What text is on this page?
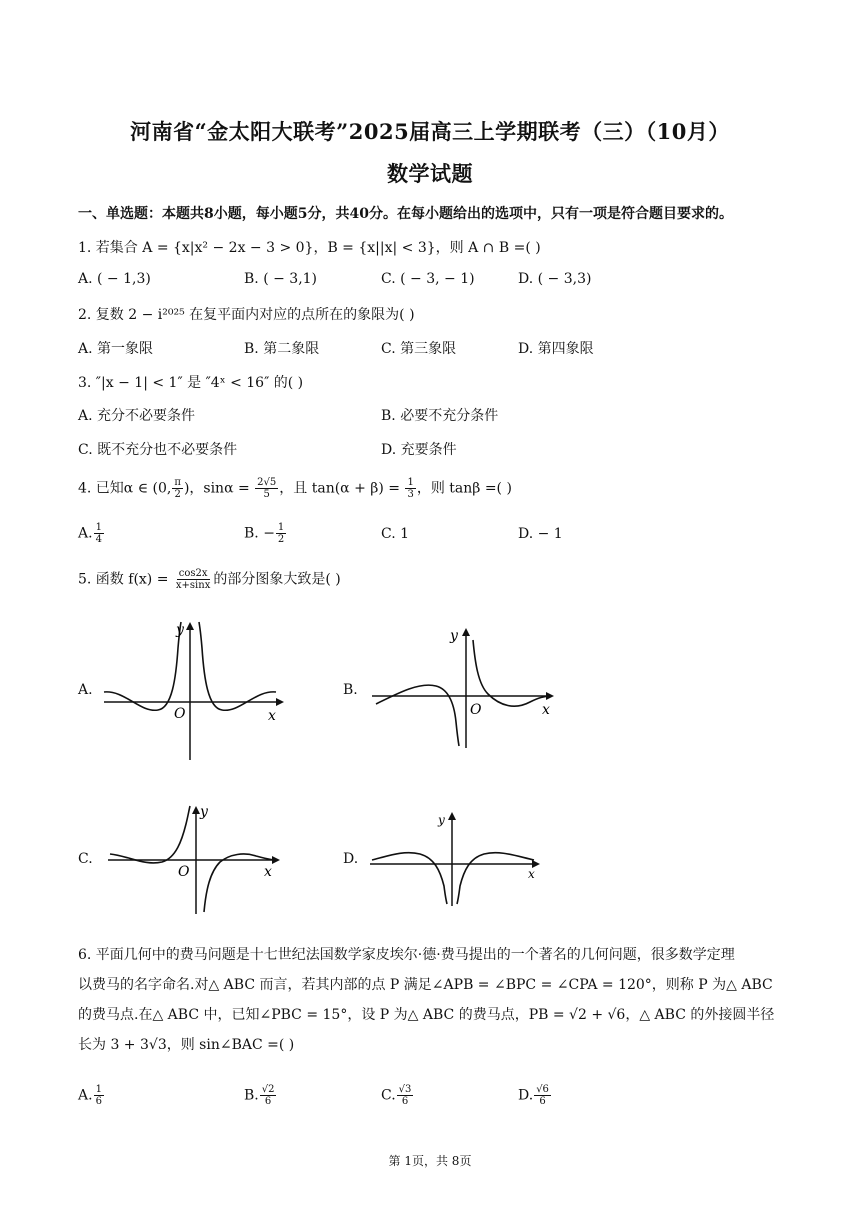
河南省“金太阳大联考”2025届高三上学期联考（三）（10月）
数学试题
一、单选题：本题共8小题，每小题5分，共40分。在每小题给出的选项中，只有一项是符合题目要求的。
1. 若集合 A = {x|x² − 2x − 3 > 0}，B = {x||x| < 3}，则 A ∩ B =( )
A. ( − 1,3)	B. ( − 3,1)	C. ( − 3, − 1)	D. ( − 3,3)
2. 复数 2 − i²⁰²⁵ 在复平面内对应的点所在的象限为( )
A. 第一象限	B. 第二象限	C. 第三象限	D. 第四象限
3. ″|x − 1| < 1″ 是 ″4ˣ < 16″ 的( )
A. 充分不必要条件	B. 必要不充分条件
C. 既不充分也不必要条件	D. 充要条件
4. 已知α ∈ (0, $\frac{\pi}{2}$ )，$\sin\alpha = \frac{2√5}{5}$ ，且 $\tan(\alpha + \beta) = \frac{1}{3}$ ，则 tanβ =( )
A. $\frac{1}{4}$	B. − $\frac{1}{2}$	C. 1	D. − 1
5. 函数 $f(x) = \frac{\cos 2x}{x+\sin x}$ 的部分图象大致是( )
A.
O
y
x
B.
O
y
x
C.
O
y
x
D.
y
x
6. 平面几何中的费马问题是十七世纪法国数学家皮埃尔·德·费马提出的一个著名的几何问题，很多数学定理
以费马的名字命名.对△ ABC 而言，若其内部的点 P 满足∠APB = ∠BPC = ∠CPA = 120°，则称 P 为△ ABC
的费马点.在△ ABC 中，已知∠PBC = 15°，设 P 为△ ABC 的费马点，PB = √2 + √6，△ ABC 的外接圆半径
长为 3 + 3√3，则 sin∠BAC =( )
A. $\frac{1}{6}$	B. $\frac{√2}{6}$	C. $\frac{√3}{6}$	D. $\frac{√6}{6}$
第 1页，共 8页
